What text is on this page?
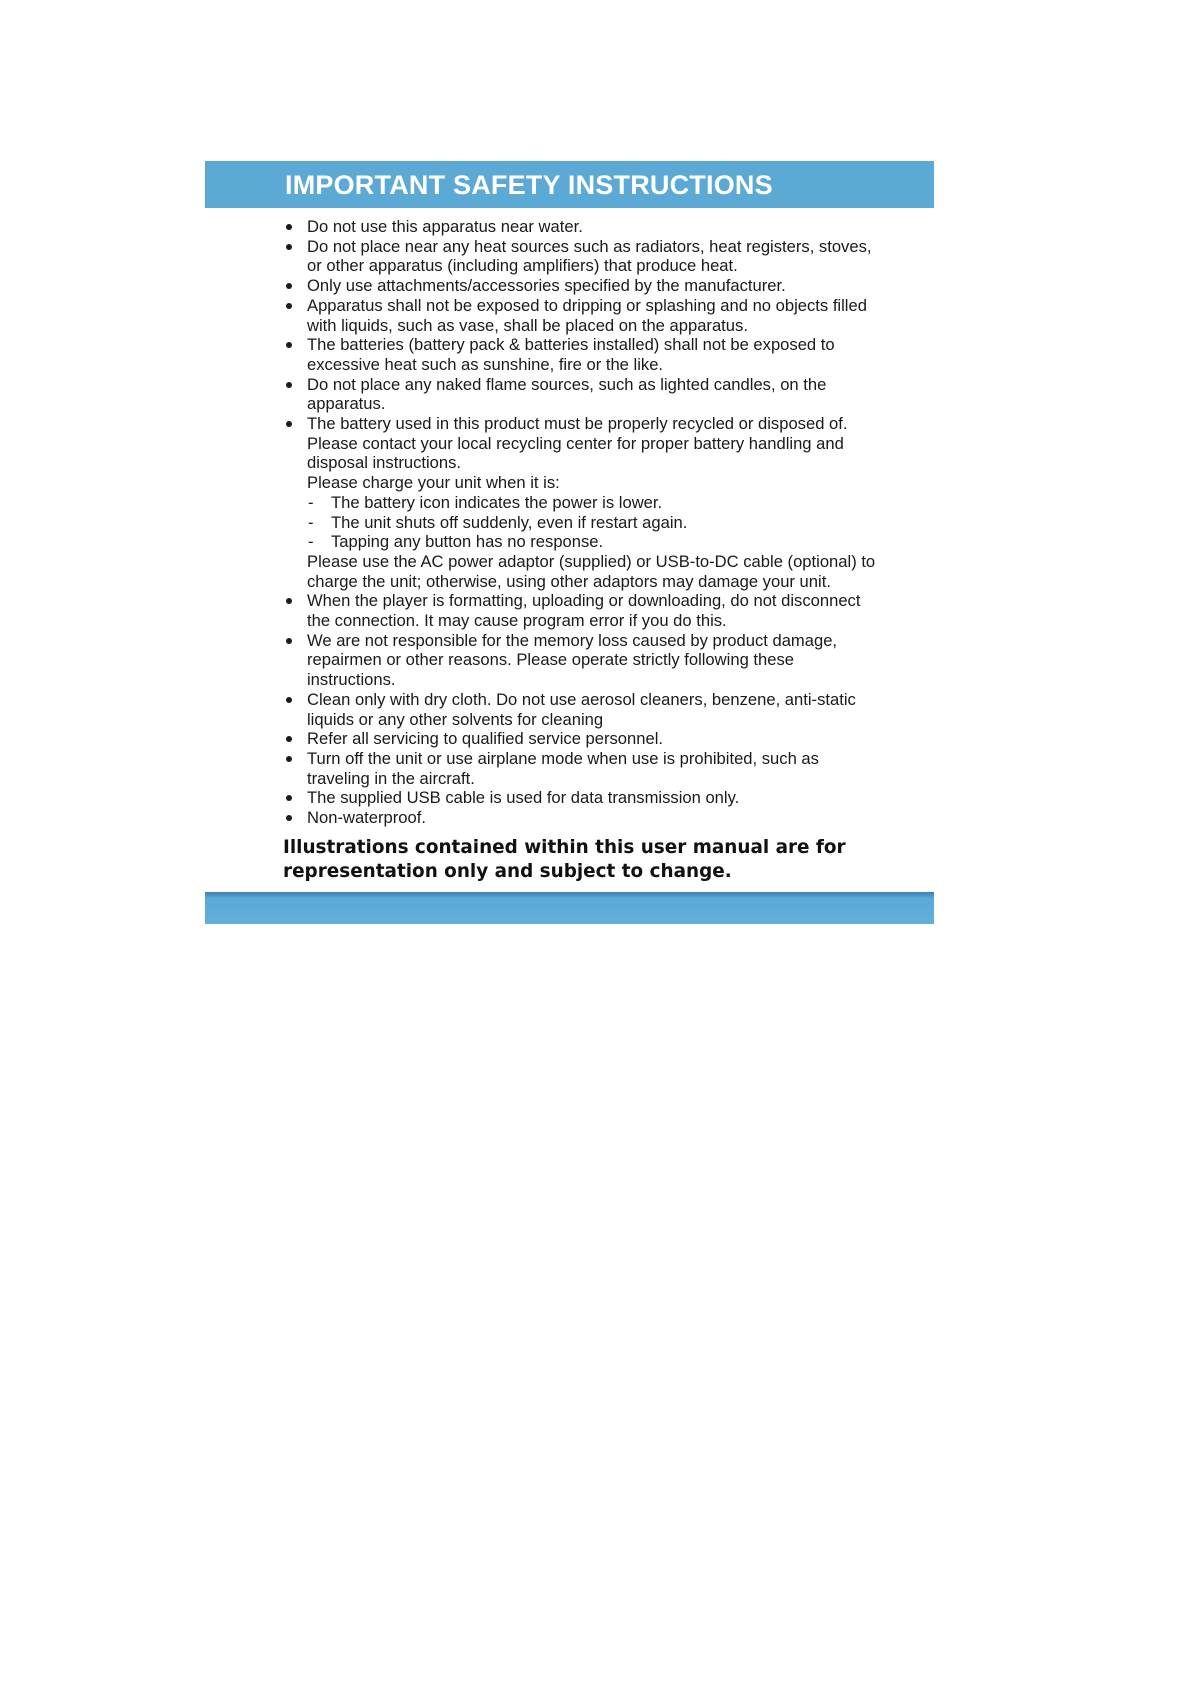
IMPORTANT SAFETY INSTRUCTIONS
Do not use this apparatus near water.
Do not place near any heat sources such as radiators, heat registers, stoves, or other apparatus (including amplifiers) that produce heat.
Only use attachments/accessories specified by the manufacturer.
Apparatus shall not be exposed to dripping or splashing and no objects filled with liquids, such as vase, shall be placed on the apparatus.
The batteries (battery pack & batteries installed) shall not be exposed to excessive heat such as sunshine, fire or the like.
Do not place any naked flame sources, such as lighted candles, on the apparatus.
The battery used in this product must be properly recycled or disposed of. Please contact your local recycling center for proper battery handling and disposal instructions.
Please charge your unit when it is:
- The battery icon indicates the power is lower.
- The unit shuts off suddenly, even if restart again.
- Tapping any button has no response.
Please use the AC power adaptor (supplied) or USB-to-DC cable (optional) to charge the unit; otherwise, using other adaptors may damage your unit.
When the player is formatting, uploading or downloading, do not disconnect the connection. It may cause program error if you do this.
We are not responsible for the memory loss caused by product damage, repairmen or other reasons. Please operate strictly following these instructions.
Clean only with dry cloth. Do not use aerosol cleaners, benzene, anti-static liquids or any other solvents for cleaning
Refer all servicing to qualified service personnel.
Turn off the unit or use airplane mode when use is prohibited, such as traveling in the aircraft.
The supplied USB cable is used for data transmission only.
Non-waterproof.
Illustrations contained within this user manual are for representation only and subject to change.
